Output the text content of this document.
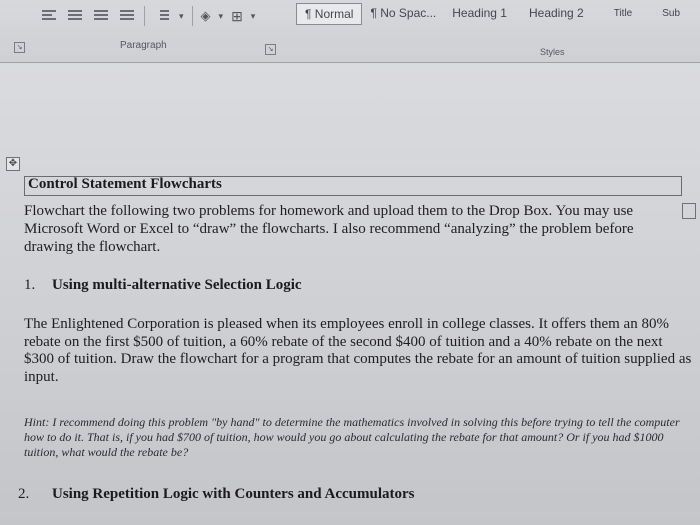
▾ ◈ ▾ ⊞ ▾	¶ Normal	¶ No Spac...	Heading 1	Heading 2	Title	Sub
↘	Paragraph	↘	Styles
✥
Control Statement Flowcharts
Flowchart the following two problems for homework and upload them to the Drop Box. You may use Microsoft Word or Excel to “draw” the flowcharts. I also recommend “analyzing” the problem before drawing the flowchart.
1. Using multi-alternative Selection Logic
The Enlightened Corporation is pleased when its employees enroll in college classes. It offers them an 80% rebate on the first $500 of tuition, a 60% rebate of the second $400 of tuition and a 40% rebate on the next $300 of tuition. Draw the flowchart for a program that computes the rebate for an amount of tuition supplied as input.
Hint: I recommend doing this problem "by hand" to determine the mathematics involved in solving this before trying to tell the computer how to do it. That is, if you had $700 of tuition, how would you go about calculating the rebate for that amount? Or if you had $1000 tuition, what would the rebate be?
2. Using Repetition Logic with Counters and Accumulators
